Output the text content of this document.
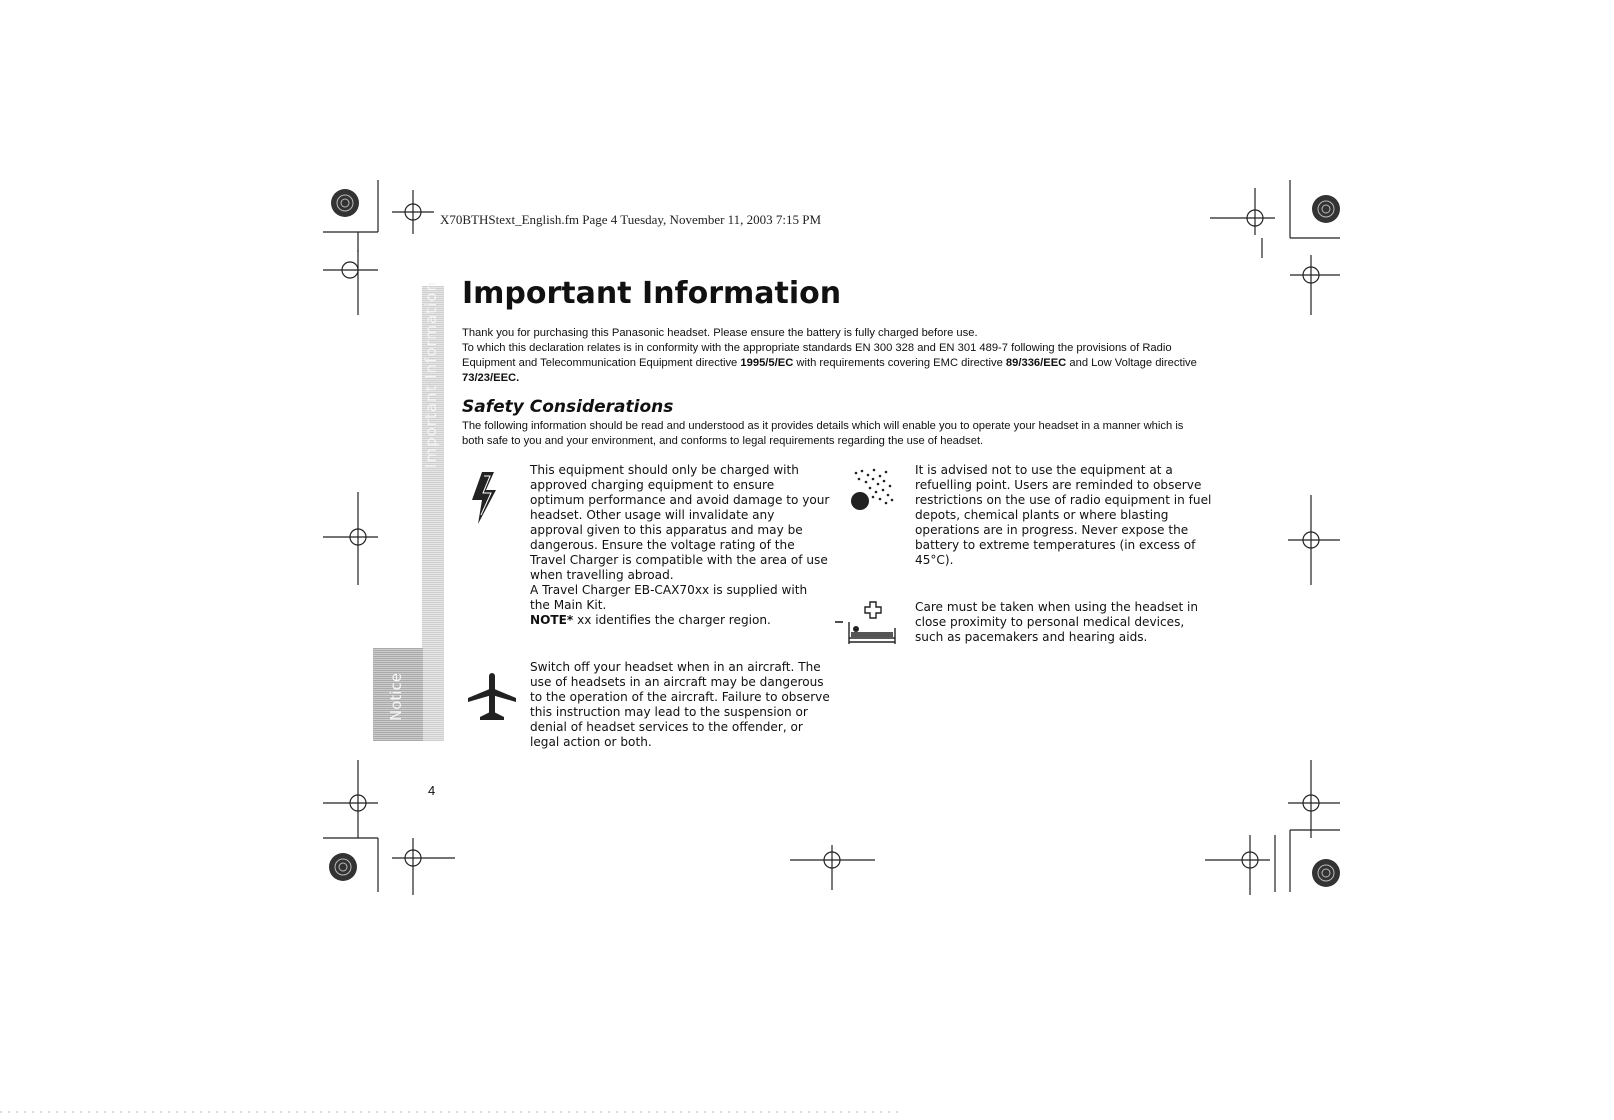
X70BTHStext_English.fm Page 4 Tuesday, November 11, 2003 7:15 PM
Important Information
Notice
Important Information

Thank you for purchasing this Panasonic headset. Please ensure the battery is fully charged before use.

To which this declaration relates is in conformity with the appropriate standards EN 300 328 and EN 301 489-7 following the provisions of Radio Equipment and Telecommunication Equipment directive 1995/5/EC with requirements covering EMC directive 89/336/EEC and Low Voltage directive 73/23/EEC.

Safety Considerations
The following information should be read and understood as it provides details which will enable you to operate your headset in a manner which is both safe to you and your environment, and conforms to legal requirements regarding the use of headset.

This equipment should only be charged with approved charging equipment to ensure optimum performance and avoid damage to your headset. Other usage will invalidate any approval given to this apparatus and may be dangerous. Ensure the voltage rating of the Travel Charger is compatible with the area of use when travelling abroad.

A Travel Charger EB-CAX70xx is supplied with the Main Kit.

NOTE* xx identifies the charger region.

Switch off your headset when in an aircraft. The use of headsets in an aircraft may be dangerous to the operation of the aircraft. Failure to observe this instruction may lead to the suspension or denial of headset services to the offender, or legal action or both.

It is advised not to use the equipment at a refuelling point. Users are reminded to observe restrictions on the use of radio equipment in fuel depots, chemical plants or where blasting operations are in progress. Never expose the battery to extreme temperatures (in excess of 45°C).

Care must be taken when using the headset in close proximity to personal medical devices, such as pacemakers and hearing aids.

4
